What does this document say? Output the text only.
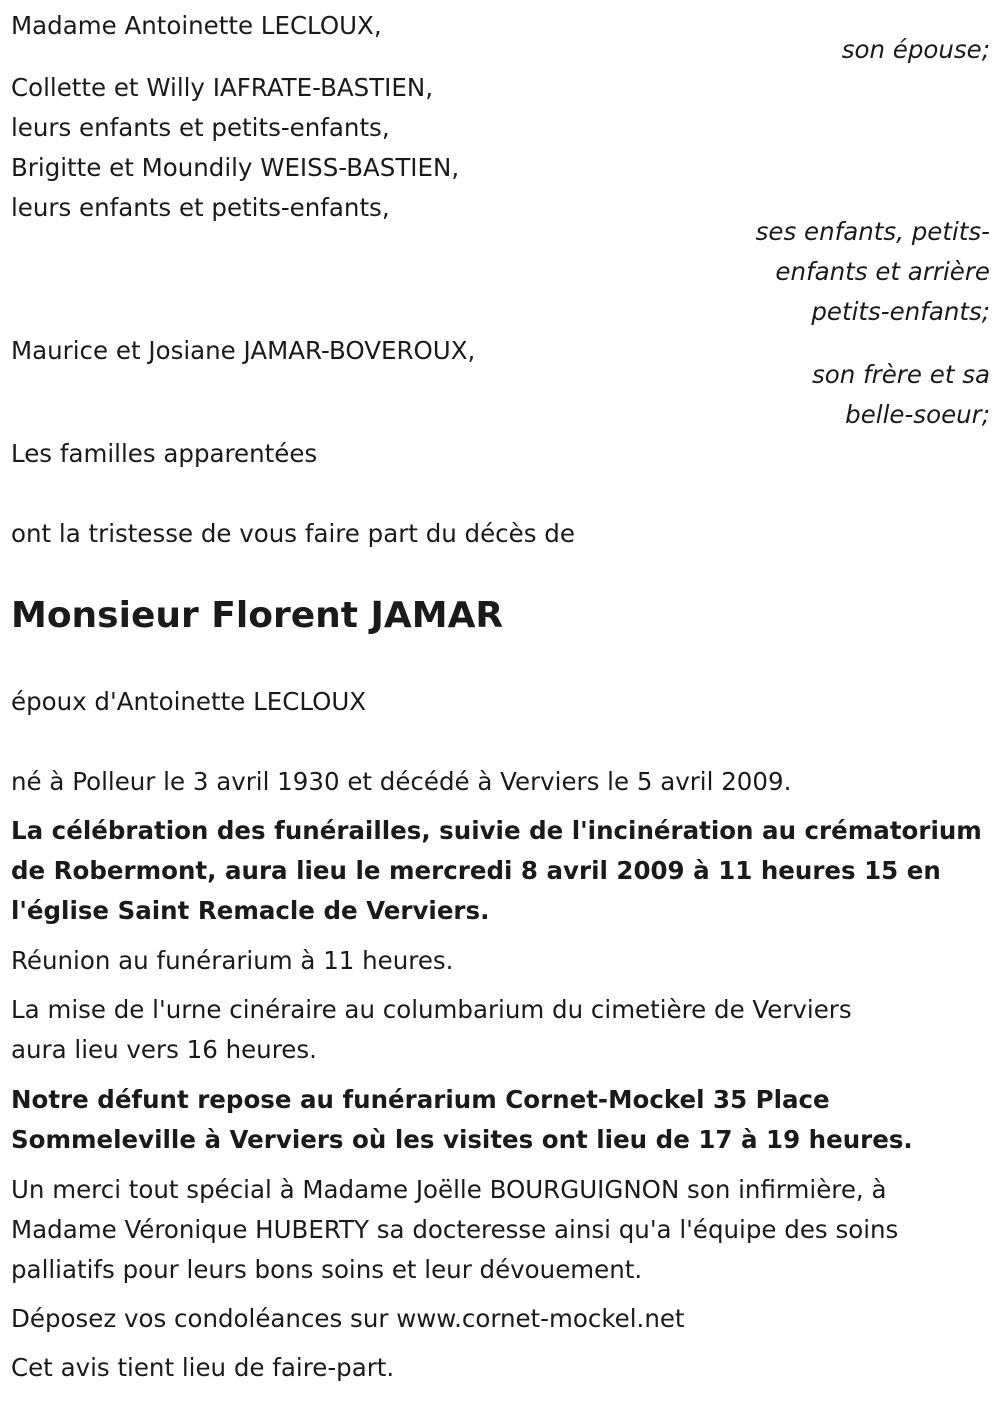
Madame Antoinette LECLOUX,

son épouse;

Collette et Willy IAFRATE-BASTIEN,

leurs enfants et petits-enfants,

Brigitte et Moundily WEISS-BASTIEN,

leurs enfants et petits-enfants,

ses enfants, petits-

enfants et arrière

petits-enfants;

Maurice et Josiane JAMAR-BOVEROUX,

son frère et sa

belle-soeur;

Les familles apparentées

ont la tristesse de vous faire part du décès de

Monsieur Florent JAMAR

époux d'Antoinette LECLOUX

né à Polleur le 3 avril 1930 et décédé à Verviers le 5 avril 2009.

La célébration des funérailles, suivie de l'incinération au crématorium

de Robermont, aura lieu le mercredi 8 avril 2009 à 11 heures 15 en

l'église Saint Remacle de Verviers.

Réunion au funérarium à 11 heures.

La mise de l'urne cinéraire au columbarium du cimetière de Verviers

aura lieu vers 16 heures.

Notre défunt repose au funérarium Cornet-Mockel 35 Place

Sommeleville à Verviers où les visites ont lieu de 17 à 19 heures.

Un merci tout spécial à Madame Joëlle BOURGUIGNON son infirmière, à

Madame Véronique HUBERTY sa docteresse ainsi qu'a l'équipe des soins

palliatifs pour leurs bons soins et leur dévouement.

Déposez vos condoléances sur www.cornet-mockel.net

Cet avis tient lieu de faire-part.
